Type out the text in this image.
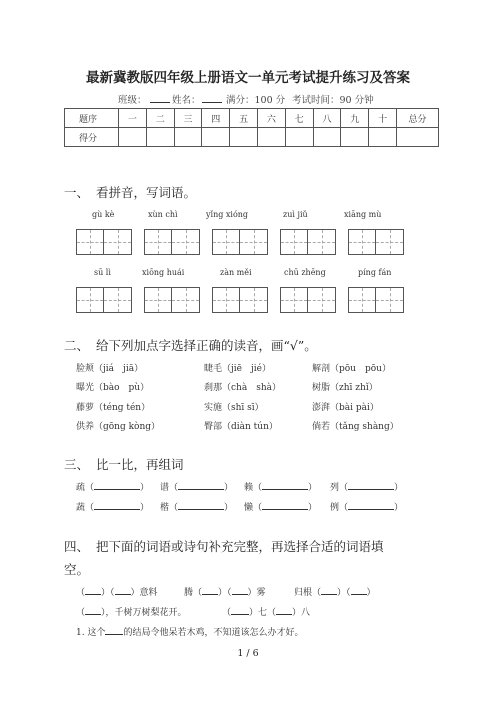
最新冀教版四年级上册语文一单元考试提升练习及答案
班级：	姓名：	满分：100 分 考试时间：90 分钟
题序	一	二	三	四	五	六	七	八	九	十	总分
得分											
一、 看拼音，写词语。
gù kè	xùn chì	yǐng xióng	zuì jiǔ	xiāng mù
sū lì	xiōng huái	zàn měi	chū zhēng	píng fán
二、 给下列加点字选择正确的读音，画“√”。
脸颊（jiá　jiā）	睫毛（jiē　jié）	解剖（pōu　pōu）
曝光（bào　pù）	刹那（chà　shà）	树脂（zhī zhǐ）
藤萝（téng tén）	实施（shī sī）	澎湃（bài pài）
供养（gōng kòng）	臀部（diàn tún）	倘若（tǎng shàng）
三、 比一比，再组词
疏（	） 谱（	） 赖（	） 列（	）
蔬（	） 楷（	） 懒（	） 例（	）
四、 把下面的词语或诗句补充完整，再选择合适的词语填
空。
（ ）（ ）意料	腾（ ）（ ）雾	归根（ ）（ ）
（ ），千树万树梨花开。	（ ）七（ ）八
1. 这个 的结局令他呆若木鸡，不知道该怎么办才好。
1 / 6
